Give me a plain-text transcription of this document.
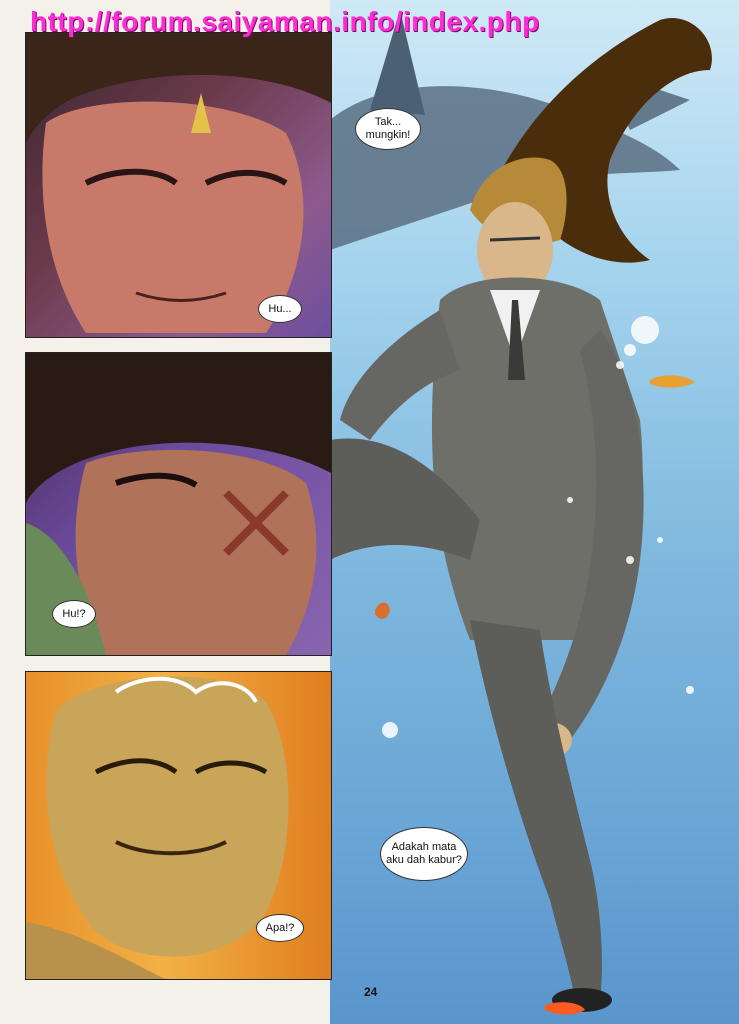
Tak... mungkin!
Hu...
Hu!?
Apa!?
Adakah mata aku dah kabur?
http://forum.saiyaman.info/index.php
24
